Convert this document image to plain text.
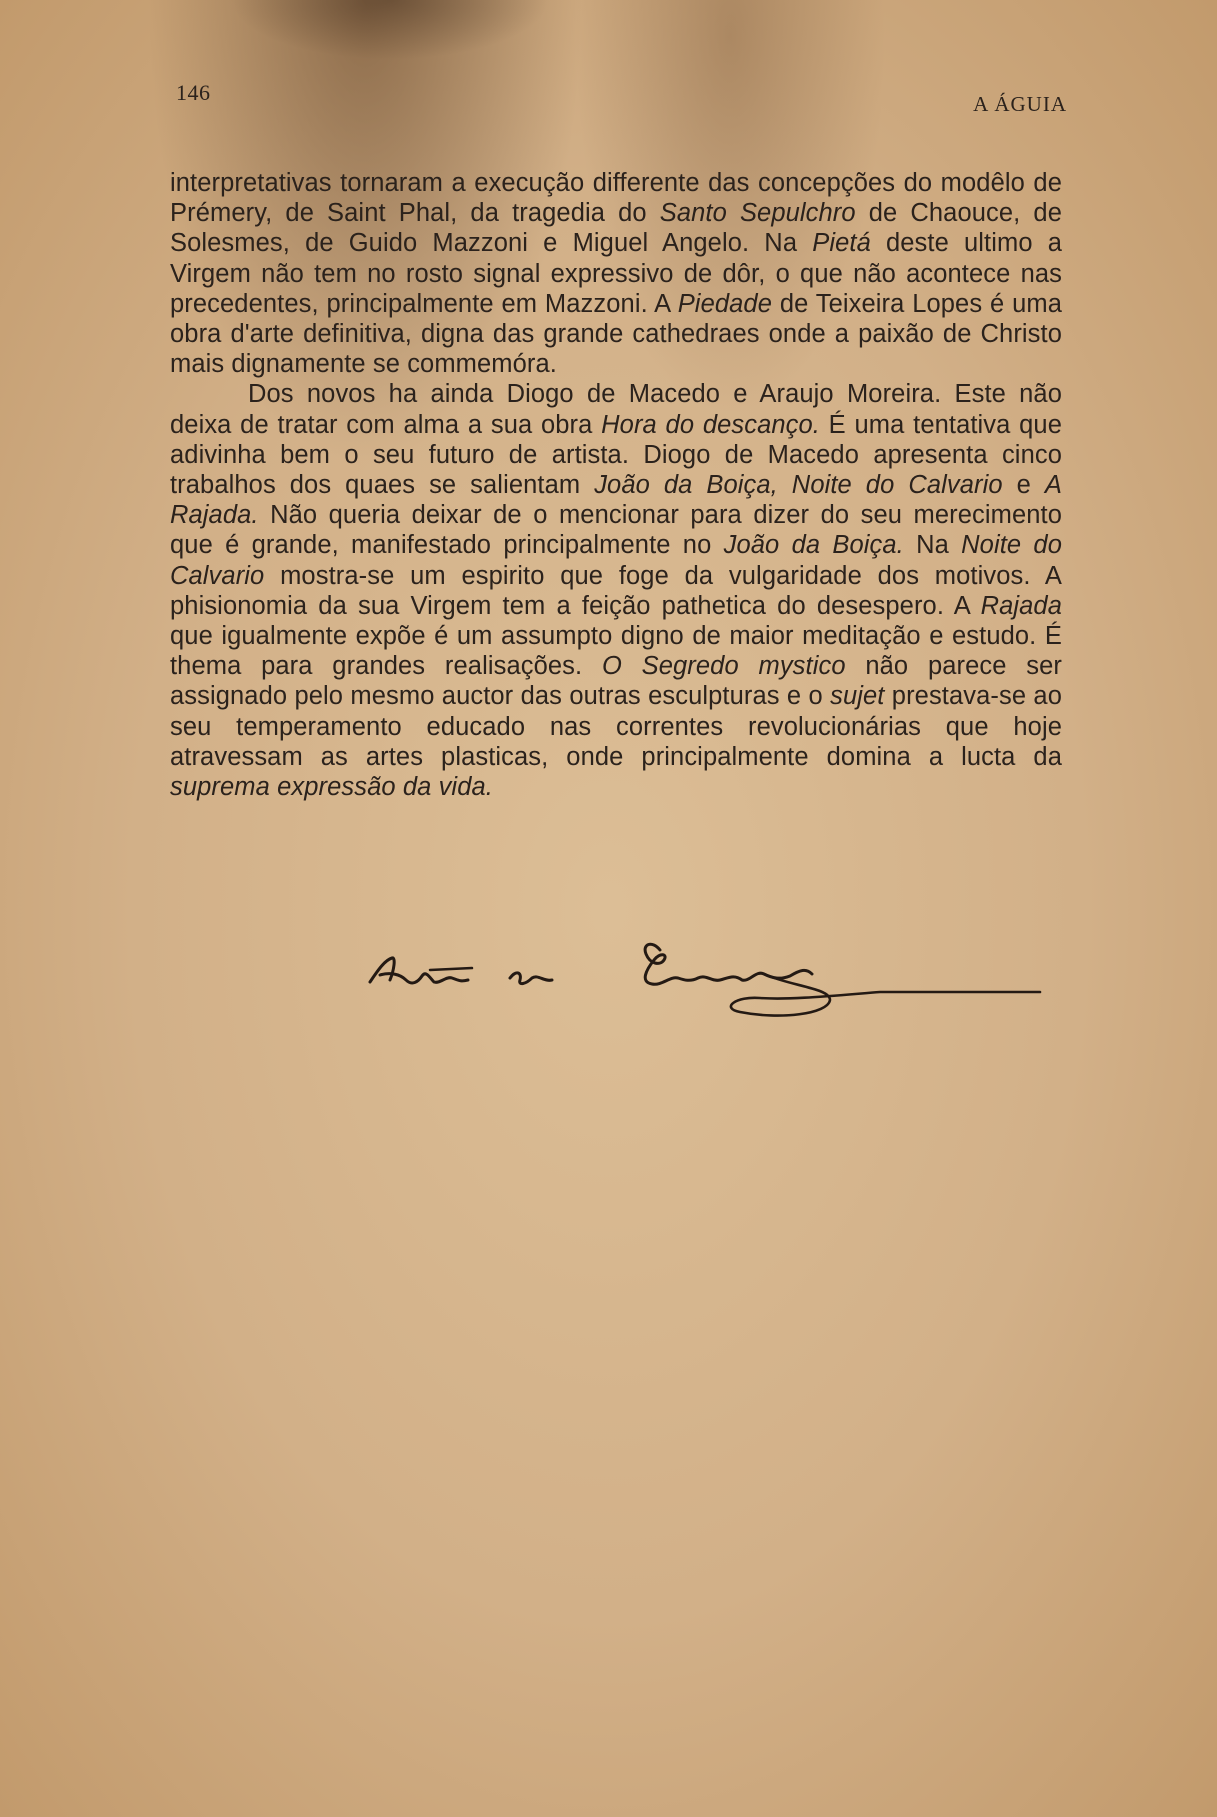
146	A ÁGUIA

interpretativas tornaram a execução differente das concepções do modêlo de Prémery, de Saint Phal, da tragedia do Santo Sepulchro de Chaouce, de Solesmes, de Guido Mazzoni e Miguel Angelo. Na Pietá deste ultimo a Virgem não tem no rosto signal expressivo de dôr, o que não acontece nas precedentes, principalmente em Mazzoni. A Piedade de Teixeira Lopes é uma obra d'arte definitiva, digna das grande cathedraes onde a paixão de Christo mais dignamente se commemóra.

Dos novos ha ainda Diogo de Macedo e Araujo Moreira. Este não deixa de tratar com alma a sua obra Hora do descanço. É uma tentativa que adivinha bem o seu futuro de artista. Diogo de Macedo apresenta cinco trabalhos dos quaes se salientam João da Boiça, Noite do Calvario e A Rajada. Não queria deixar de o mencionar para dizer do seu merecimento que é grande, manifestado principalmente no João da Boiça. Na Noite do Calvario mostra-se um espirito que foge da vulgaridade dos motivos. A phisionomia da sua Virgem tem a feição pathetica do desespero. A Rajada que igualmente expõe é um assumpto digno de maior meditação e estudo. É thema para grandes realisações. O Segredo mystico não parece ser assignado pelo mesmo auctor das outras esculpturas e o sujet prestava-se ao seu temperamento educado nas correntes revolucionárias que hoje atravessam as artes plasticas, onde principalmente domina a lucta da suprema expressão da vida.
